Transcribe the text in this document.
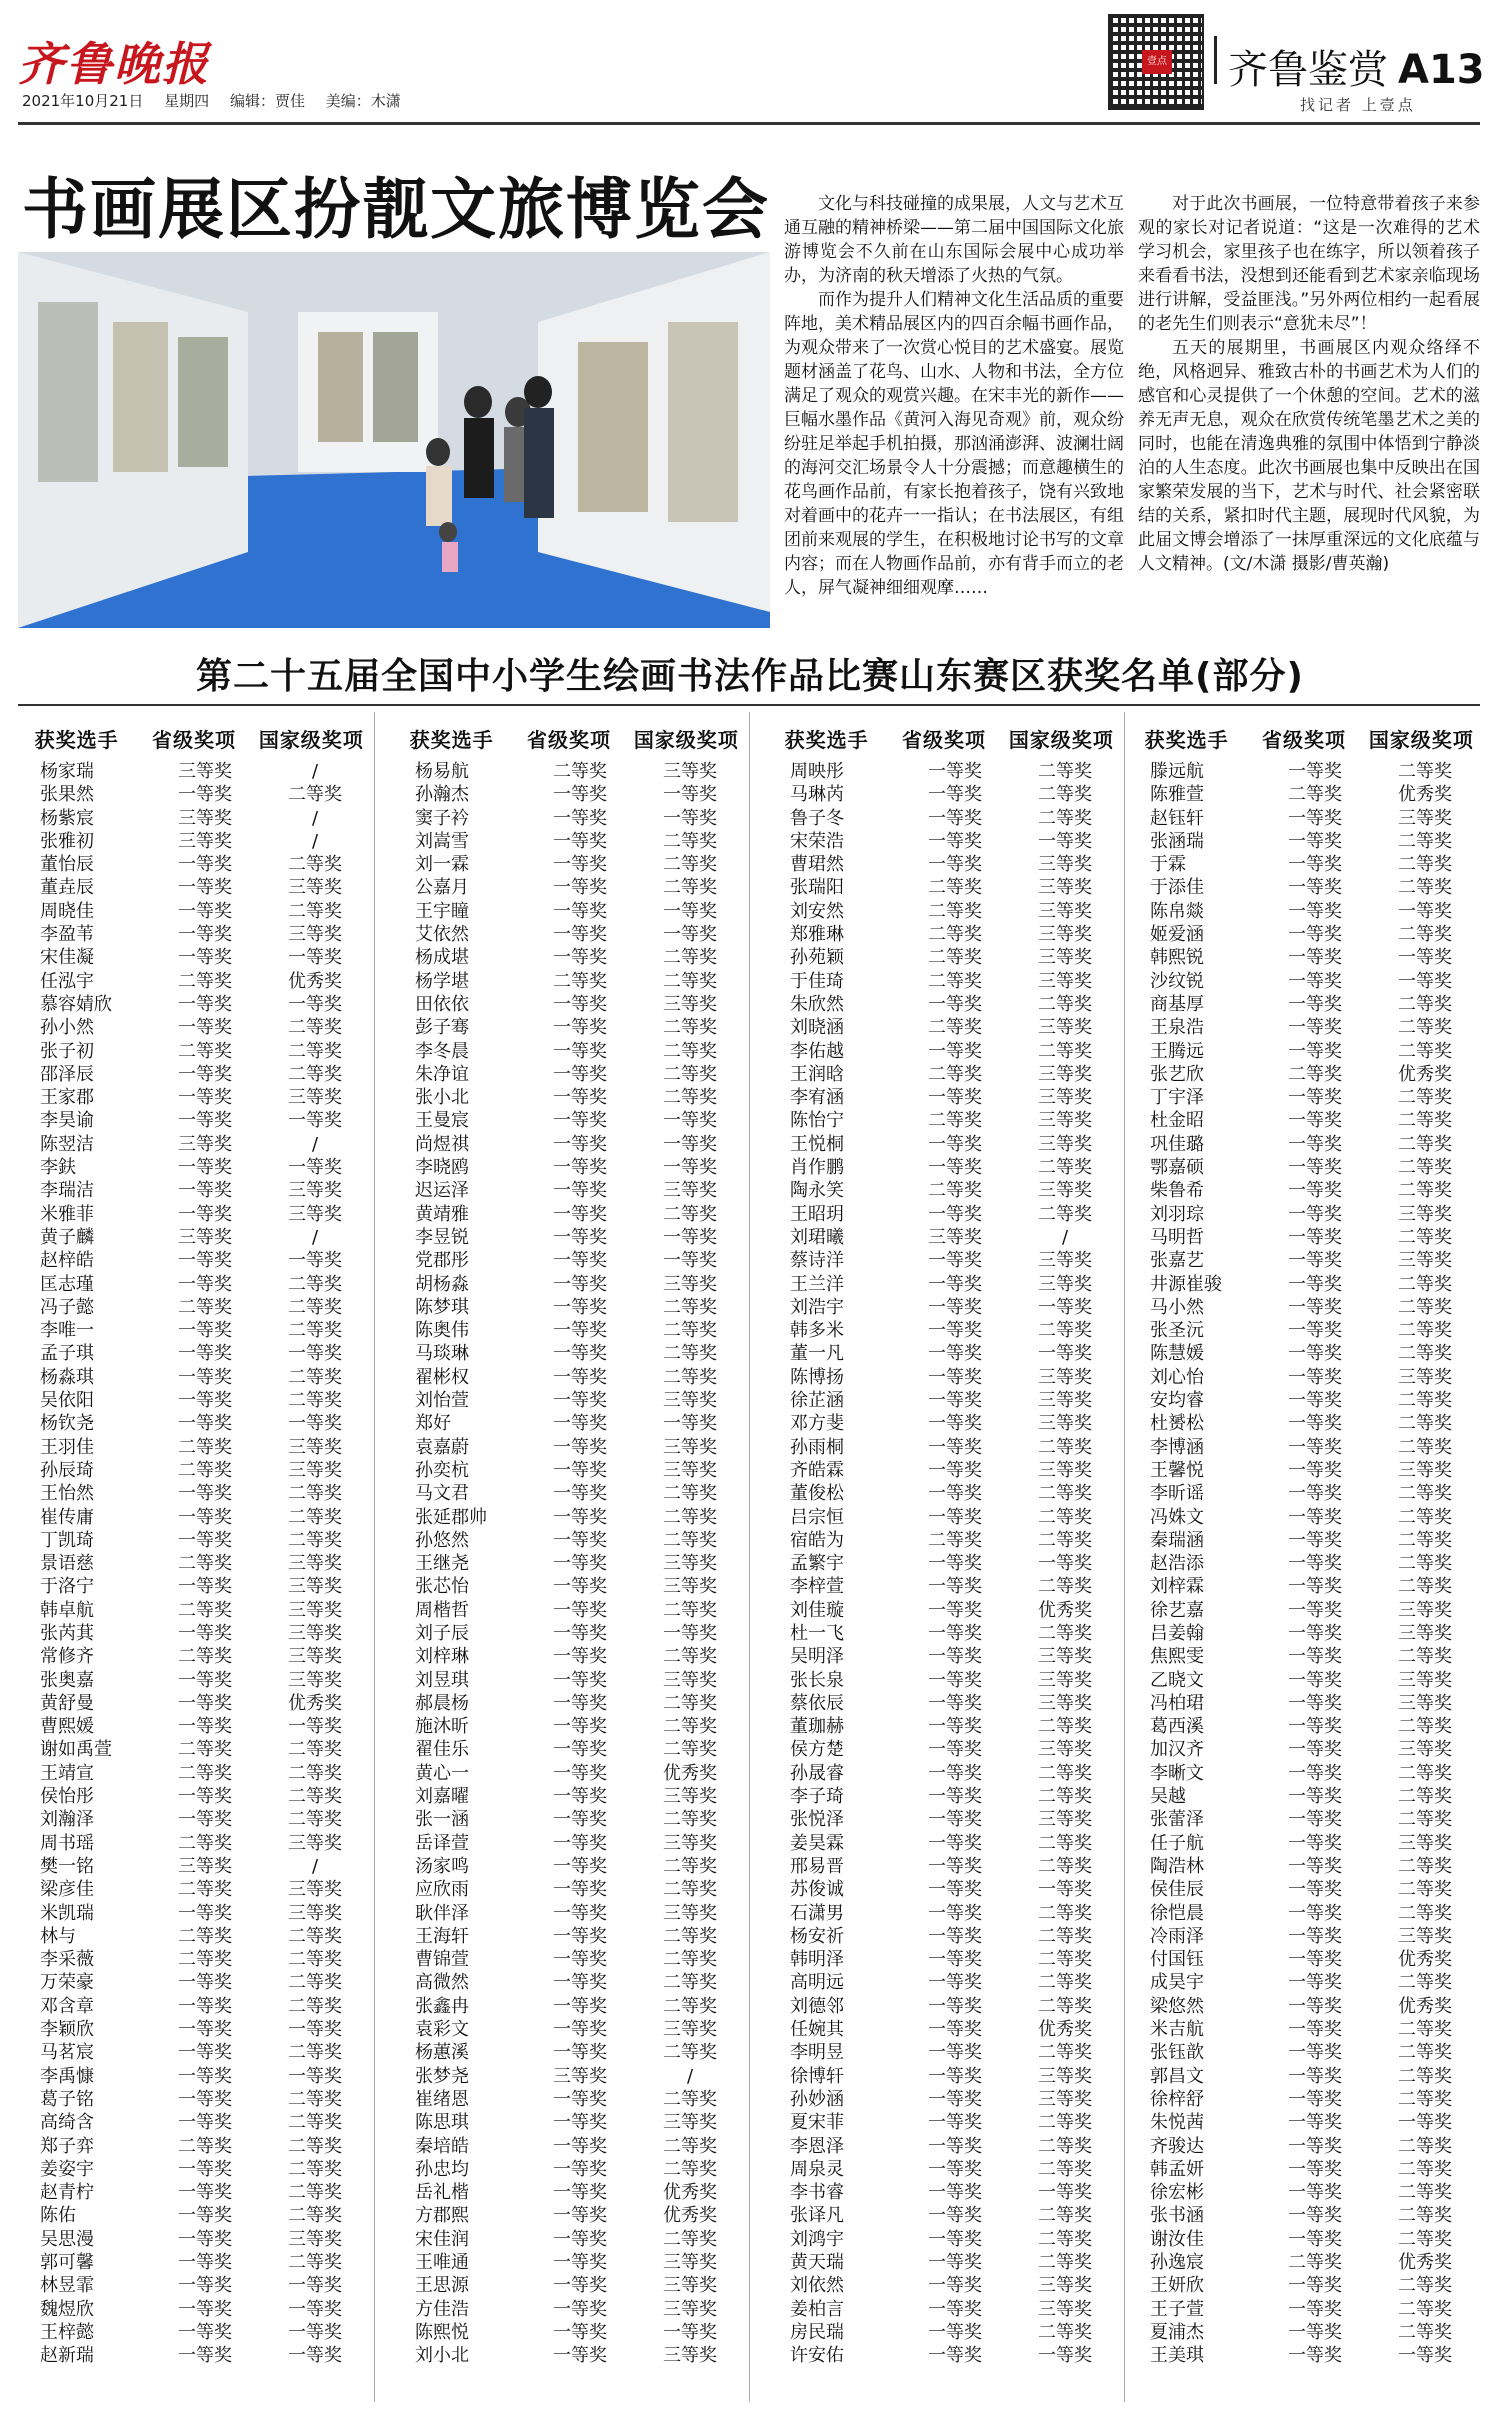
齐鲁晚报
2021年10月21日 星期四 编辑：贾佳 美编：木潇
壹点 齐鲁鉴赏 A13
找记者 上壹点
书画展区扮靓文旅博览会	文化与科技碰撞的成果展，人文与艺术互通互融的精神桥梁——第二届中国国际文化旅游博览会不久前在山东国际会展中心成功举办，为济南的秋天增添了火热的气氛。

而作为提升人们精神文化生活品质的重要阵地，美术精品展区内的四百余幅书画作品，为观众带来了一次赏心悦目的艺术盛宴。展览题材涵盖了花鸟、山水、人物和书法，全方位满足了观众的观赏兴趣。在宋丰光的新作——巨幅水墨作品《黄河入海见奇观》前，观众纷纷驻足举起手机拍摄，那汹涌澎湃、波澜壮阔的海河交汇场景令人十分震撼；而意趣横生的花鸟画作品前，有家长抱着孩子，饶有兴致地对着画中的花卉一一指认；在书法展区，有组团前来观展的学生，在积极地讨论书写的文章内容；而在人物画作品前，亦有背手而立的老人，屏气凝神细细观摩……

对于此次书画展，一位特意带着孩子来参观的家长对记者说道：“这是一次难得的艺术学习机会，家里孩子也在练字，所以领着孩子来看看书法，没想到还能看到艺术家亲临现场进行讲解，受益匪浅。”另外两位相约一起看展的老先生们则表示“意犹未尽”！

五天的展期里，书画展区内观众络绎不绝，风格迥异、雅致古朴的书画艺术为人们的感官和心灵提供了一个休憩的空间。艺术的滋养无声无息，观众在欣赏传统笔墨艺术之美的同时，也能在清逸典雅的氛围中体悟到宁静淡泊的人生态度。此次书画展也集中反映出在国家繁荣发展的当下，艺术与时代、社会紧密联结的关系，紧扣时代主题，展现时代风貌，为此届文博会增添了一抹厚重深远的文化底蕴与人文精神。(文/木潇 摄影/曹英瀚)

第二十五届全国中小学生绘画书法作品比赛山东赛区获奖名单(部分)
获奖选手	省级奖项	国家级奖项
杨家瑞	三等奖	/
张果然	一等奖	二等奖
杨紫宸	三等奖	/
张雅初	三等奖	/
董怡辰	一等奖	二等奖
董垚辰	一等奖	三等奖
周晓佳	一等奖	二等奖
李盈苇	一等奖	三等奖
宋佳凝	一等奖	一等奖
任泓宇	二等奖	优秀奖
慕容婧欣	一等奖	一等奖
孙小然	一等奖	二等奖
张子初	二等奖	二等奖
邵泽辰	一等奖	二等奖
王家郡	一等奖	三等奖
李昊谕	一等奖	一等奖
陈翌洁	三等奖	/
李鈇	一等奖	一等奖
李瑞洁	一等奖	三等奖
米雅菲	一等奖	三等奖
黄子麟	三等奖	/
赵梓皓	一等奖	一等奖
匡志瑾	一等奖	二等奖
冯子懿	二等奖	二等奖
李唯一	一等奖	二等奖
孟子琪	一等奖	一等奖
杨淼琪	一等奖	二等奖
吴依阳	一等奖	二等奖
杨钦尧	一等奖	一等奖
王羽佳	二等奖	三等奖
孙辰琦	二等奖	三等奖
王怡然	一等奖	二等奖
崔传庸	一等奖	二等奖
丁凯琦	一等奖	二等奖
景语慈	二等奖	三等奖
于洛宁	一等奖	三等奖
韩卓航	二等奖	三等奖
张芮萁	一等奖	三等奖
常修齐	二等奖	三等奖
张奥嘉	一等奖	三等奖
黄舒曼	一等奖	优秀奖
曹熙媛	一等奖	一等奖
谢如禹萱	二等奖	二等奖
王靖宣	二等奖	二等奖
侯怡彤	一等奖	二等奖
刘瀚泽	一等奖	二等奖
周书瑶	二等奖	三等奖
樊一铭	三等奖	/
梁彦佳	二等奖	三等奖
米凯瑞	一等奖	三等奖
林与	二等奖	二等奖
李采薇	二等奖	二等奖
万荣豪	一等奖	二等奖
邓含章	一等奖	二等奖
李颖欣	一等奖	一等奖
马茗宸	一等奖	二等奖
李禹慷	一等奖	一等奖
葛子铭	一等奖	二等奖
高绮含	一等奖	二等奖
郑子弈	二等奖	二等奖
姜姿宇	一等奖	二等奖
赵青柠	一等奖	二等奖
陈佑	一等奖	二等奖
吴思漫	一等奖	三等奖
郭可馨	一等奖	二等奖
林昱霏	一等奖	一等奖
魏煜欣	一等奖	一等奖
王梓懿	一等奖	一等奖
赵新瑞	一等奖	一等奖
获奖选手	省级奖项	国家级奖项
杨易航	二等奖	三等奖
孙瀚杰	一等奖	一等奖
窦子衿	一等奖	一等奖
刘嵩雪	一等奖	二等奖
刘一霖	一等奖	二等奖
公嘉月	一等奖	二等奖
王宇瞳	一等奖	一等奖
艾依然	一等奖	一等奖
杨成堪	一等奖	二等奖
杨学堪	二等奖	二等奖
田依依	一等奖	三等奖
彭子骞	一等奖	二等奖
李冬晨	一等奖	二等奖
朱净谊	一等奖	二等奖
张小北	一等奖	二等奖
王曼宸	一等奖	一等奖
尚煜祺	一等奖	一等奖
李晓鸥	一等奖	一等奖
迟运泽	一等奖	三等奖
黄靖雅	一等奖	二等奖
李昱锐	一等奖	一等奖
党郡彤	一等奖	一等奖
胡杨淼	一等奖	三等奖
陈梦琪	一等奖	二等奖
陈奥伟	一等奖	二等奖
马琰琳	一等奖	二等奖
翟彬权	一等奖	二等奖
刘怡萱	一等奖	三等奖
郑好	一等奖	一等奖
袁嘉蔚	一等奖	三等奖
孙奕杭	一等奖	三等奖
马文君	一等奖	二等奖
张延郡帅	一等奖	二等奖
孙悠然	一等奖	二等奖
王继尧	一等奖	三等奖
张芯怡	一等奖	三等奖
周楷哲	一等奖	二等奖
刘子辰	一等奖	一等奖
刘梓琳	一等奖	二等奖
刘昱琪	一等奖	三等奖
郝晨杨	一等奖	二等奖
施沐昕	一等奖	二等奖
翟佳乐	一等奖	二等奖
黄心一	一等奖	优秀奖
刘嘉曜	一等奖	三等奖
张一涵	一等奖	二等奖
岳译萱	一等奖	三等奖
汤家鸣	一等奖	二等奖
应欣雨	一等奖	二等奖
耿伴泽	一等奖	三等奖
王海轩	一等奖	二等奖
曹锦萱	一等奖	二等奖
高微然	一等奖	二等奖
张鑫冉	一等奖	二等奖
袁彩文	一等奖	三等奖
杨蕙溪	一等奖	二等奖
张梦尧	三等奖	/
崔绪恩	一等奖	二等奖
陈思琪	一等奖	三等奖
秦培皓	一等奖	二等奖
孙忠均	一等奖	二等奖
岳礼楷	一等奖	优秀奖
方郡熙	一等奖	优秀奖
宋佳润	一等奖	二等奖
王唯通	一等奖	三等奖
王思源	一等奖	三等奖
方佳浩	一等奖	三等奖
陈熙悦	一等奖	一等奖
刘小北	一等奖	三等奖
获奖选手	省级奖项	国家级奖项
周映彤	一等奖	二等奖
马琳芮	一等奖	二等奖
鲁子冬	一等奖	二等奖
宋荣浩	一等奖	一等奖
曹珺然	一等奖	三等奖
张瑞阳	二等奖	三等奖
刘安然	二等奖	三等奖
郑雅琳	二等奖	三等奖
孙苑颖	二等奖	三等奖
于佳琦	二等奖	三等奖
朱欣然	一等奖	二等奖
刘晓涵	二等奖	三等奖
李佑越	一等奖	二等奖
王润晗	二等奖	三等奖
李宥涵	一等奖	三等奖
陈怡宁	二等奖	三等奖
王悦桐	一等奖	三等奖
肖作鹏	一等奖	二等奖
陶永笑	二等奖	三等奖
王昭玥	一等奖	二等奖
刘珺曦	三等奖	/
蔡诗洋	一等奖	三等奖
王兰洋	一等奖	三等奖
刘浩宇	一等奖	一等奖
韩多米	一等奖	二等奖
董一凡	一等奖	一等奖
陈博扬	一等奖	三等奖
徐芷涵	一等奖	三等奖
邓方斐	一等奖	三等奖
孙雨桐	一等奖	二等奖
齐皓霖	一等奖	三等奖
董俊松	一等奖	二等奖
吕宗恒	一等奖	二等奖
宿皓为	二等奖	二等奖
孟繁宇	一等奖	一等奖
李梓萱	一等奖	二等奖
刘佳璇	一等奖	优秀奖
杜一飞	一等奖	二等奖
吴明泽	一等奖	三等奖
张长泉	一等奖	三等奖
蔡依辰	一等奖	三等奖
董珈赫	一等奖	二等奖
侯方楚	一等奖	三等奖
孙晟睿	一等奖	二等奖
李子琦	一等奖	二等奖
张悦泽	一等奖	三等奖
姜昊霖	一等奖	二等奖
邢易晋	一等奖	二等奖
苏俊诚	一等奖	一等奖
石潇男	一等奖	二等奖
杨安祈	一等奖	二等奖
韩明泽	一等奖	二等奖
高明远	一等奖	二等奖
刘德邻	一等奖	二等奖
任婉其	一等奖	优秀奖
李明昱	一等奖	二等奖
徐博轩	一等奖	三等奖
孙妙涵	一等奖	三等奖
夏宋菲	一等奖	二等奖
李恩泽	一等奖	二等奖
周泉灵	一等奖	二等奖
李书睿	一等奖	一等奖
张译凡	一等奖	二等奖
刘鸿宇	一等奖	二等奖
黄天瑞	一等奖	二等奖
刘依然	一等奖	三等奖
姜柏言	一等奖	三等奖
房民瑞	一等奖	二等奖
许安佑	一等奖	一等奖
获奖选手	省级奖项	国家级奖项
滕远航	一等奖	二等奖
陈雅萱	二等奖	优秀奖
赵钰轩	一等奖	三等奖
张涵瑞	一等奖	二等奖
于霖	一等奖	二等奖
于添佳	一等奖	二等奖
陈帛燚	一等奖	一等奖
姬爱涵	一等奖	二等奖
韩熙锐	一等奖	一等奖
沙纹锐	一等奖	一等奖
商基厚	一等奖	二等奖
王泉浩	一等奖	二等奖
王腾远	一等奖	二等奖
张艺欣	二等奖	优秀奖
丁宇泽	一等奖	二等奖
杜金昭	一等奖	二等奖
巩佳璐	一等奖	二等奖
鄂嘉硕	一等奖	二等奖
柴鲁希	一等奖	二等奖
刘羽琮	一等奖	三等奖
马明哲	一等奖	二等奖
张嘉艺	一等奖	三等奖
井源崔骏	一等奖	二等奖
马小然	一等奖	二等奖
张圣沅	一等奖	二等奖
陈慧媛	一等奖	二等奖
刘心怡	一等奖	三等奖
安均睿	一等奖	二等奖
杜赟松	一等奖	二等奖
李博涵	一等奖	二等奖
王馨悦	一等奖	三等奖
李昕谣	一等奖	二等奖
冯姝文	一等奖	二等奖
秦瑞涵	一等奖	二等奖
赵浩添	一等奖	二等奖
刘梓霖	一等奖	二等奖
徐艺嘉	一等奖	三等奖
吕姜翰	一等奖	三等奖
焦熙雯	一等奖	二等奖
乙晓文	一等奖	三等奖
冯柏珺	一等奖	三等奖
葛西溪	一等奖	二等奖
加汉齐	一等奖	三等奖
李晰文	一等奖	二等奖
吴越	一等奖	二等奖
张蕾泽	一等奖	二等奖
任子航	一等奖	三等奖
陶浩林	一等奖	二等奖
侯佳辰	一等奖	二等奖
徐恺晨	一等奖	二等奖
冷雨泽	一等奖	三等奖
付国钰	一等奖	优秀奖
成昊宇	一等奖	二等奖
梁悠然	一等奖	优秀奖
米吉航	一等奖	二等奖
张钰歆	一等奖	二等奖
郭昌文	一等奖	二等奖
徐梓舒	一等奖	二等奖
朱悦茜	一等奖	一等奖
齐骏达	一等奖	二等奖
韩孟妍	一等奖	二等奖
徐宏彬	一等奖	二等奖
张书涵	一等奖	二等奖
谢汝佳	一等奖	二等奖
孙逸宸	二等奖	优秀奖
王妍欣	一等奖	二等奖
王子萱	一等奖	二等奖
夏浦杰	一等奖	二等奖
王美琪	一等奖	一等奖
